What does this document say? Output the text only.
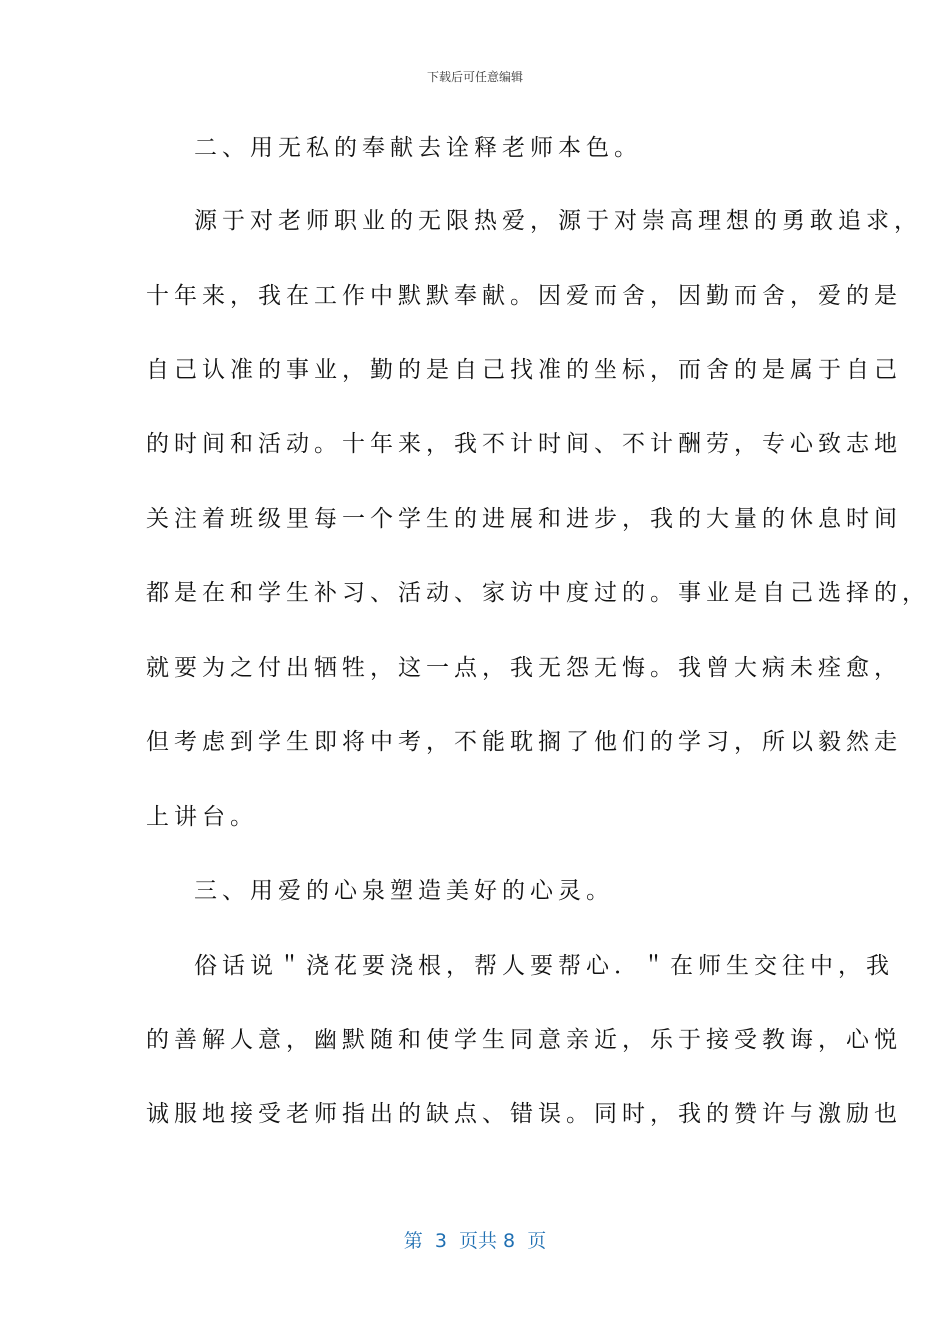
下载后可任意编辑
二、用无私的奉献去诠释老师本色。
源于对老师职业的无限热爱，源于对崇高理想的勇敢追求，
十年来，我在工作中默默奉献。因爱而舍，因勤而舍，爱的是
自己认准的事业，勤的是自己找准的坐标，而舍的是属于自己
的时间和活动。十年来，我不计时间、不计酬劳，专心致志地
关注着班级里每一个学生的进展和进步，我的大量的休息时间
都是在和学生补习、活动、家访中度过的。事业是自己选择的，
就要为之付出牺牲，这一点，我无怨无悔。我曾大病未痊愈，
但考虑到学生即将中考，不能耽搁了他们的学习，所以毅然走
上讲台。
三、用爱的心泉塑造美好的心灵。
俗话说＂浇花要浇根，帮人要帮心．＂在师生交往中，我
的善解人意，幽默随和使学生同意亲近，乐于接受教诲，心悦
诚服地接受老师指出的缺点、错误。同时，我的赞许与激励也
第  3  页共 8  页
